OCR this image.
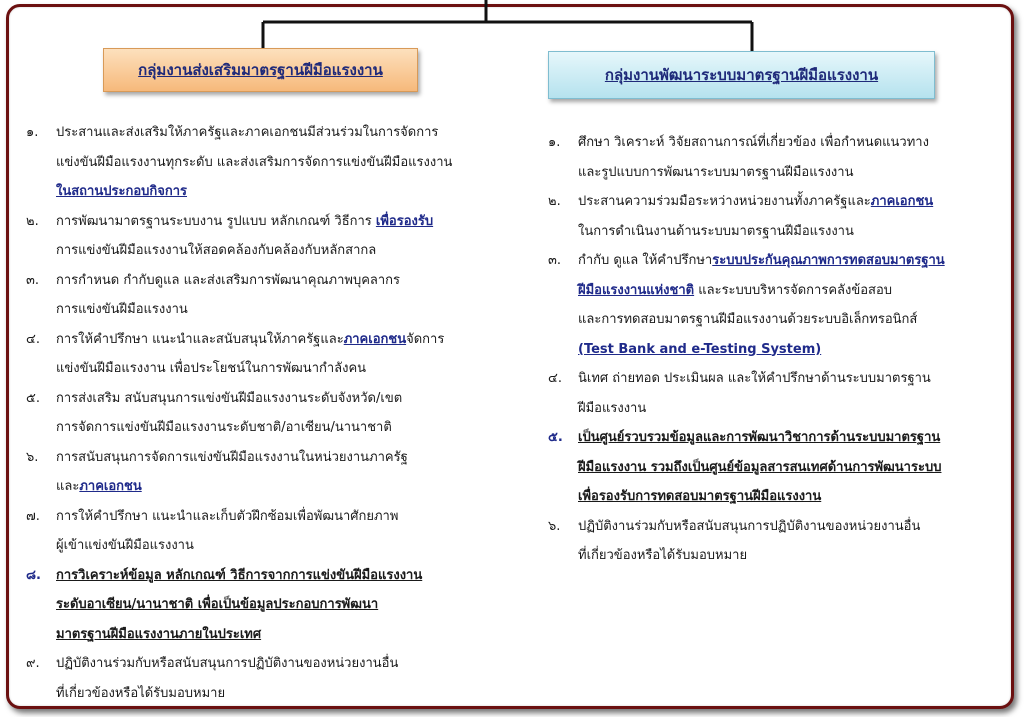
กลุ่มงานส่งเสริมมาตรฐานฝีมือแรงงาน	กลุ่มงานพัฒนาระบบมาตรฐานฝีมือแรงงาน
๑. ประสานและส่งเสริมให้ภาครัฐและภาคเอกชนมีส่วนร่วมในการจัดการ
แข่งขันฝีมือแรงงานทุกระดับ และส่งเสริมการจัดการแข่งขันฝีมือแรงงาน
ในสถานประกอบกิจการ
๒. การพัฒนามาตรฐานระบบงาน รูปแบบ หลักเกณฑ์ วิธีการ เพื่อรองรับ
การแข่งขันฝีมือแรงงานให้สอดคล้องกับคล้องกับหลักสากล
๓. การกำหนด กำกับดูแล และส่งเสริมการพัฒนาคุณภาพบุคลากร
การแข่งขันฝีมือแรงงาน
๔. การให้คำปรึกษา แนะนำและสนับสนุนให้ภาครัฐและภาคเอกชนจัดการ
แข่งขันฝีมือแรงงาน เพื่อประโยชน์ในการพัฒนากำลังคน
๕. การส่งเสริม สนับสนุนการแข่งขันฝีมือแรงงานระดับจังหวัด/เขต
การจัดการแข่งขันฝีมือแรงงานระดับชาติ/อาเซียน/นานาชาติ
๖. การสนับสนุนการจัดการแข่งขันฝีมือแรงงานในหน่วยงานภาครัฐ
และภาคเอกชน
๗. การให้คำปรึกษา แนะนำและเก็บตัวฝึกซ้อมเพื่อพัฒนาศักยภาพ
ผู้เข้าแข่งขันฝีมือแรงงาน
๘. การวิเคราะห์ข้อมูล หลักเกณฑ์ วิธีการจากการแข่งขันฝีมือแรงงาน
ระดับอาเซียน/นานาชาติ เพื่อเป็นข้อมูลประกอบการพัฒนา
มาตรฐานฝีมือแรงงานภายในประเทศ
๙. ปฏิบัติงานร่วมกับหรือสนับสนุนการปฏิบัติงานของหน่วยงานอื่น
ที่เกี่ยวข้องหรือได้รับมอบหมาย
๑. ศึกษา วิเคราะห์ วิจัยสถานการณ์ที่เกี่ยวข้อง เพื่อกำหนดแนวทาง
และรูปแบบการพัฒนาระบบมาตรฐานฝีมือแรงงาน
๒. ประสานความร่วมมือระหว่างหน่วยงานทั้งภาครัฐและภาคเอกชน
ในการดำเนินงานด้านระบบมาตรฐานฝีมือแรงงาน
๓. กำกับ ดูแล ให้คำปรึกษาระบบประกันคุณภาพการทดสอบมาตรฐาน
ฝีมือแรงงานแห่งชาติ และระบบบริหารจัดการคลังข้อสอบ
และการทดสอบมาตรฐานฝีมือแรงงานด้วยระบบอิเล็กทรอนิกส์
(Test Bank and e-Testing System)
๔. นิเทศ ถ่ายทอด ประเมินผล และให้คำปรึกษาด้านระบบมาตรฐาน
ฝีมือแรงงาน
๕. เป็นศูนย์รวบรวมข้อมูลและการพัฒนาวิชาการด้านระบบมาตรฐาน
ฝีมือแรงงาน รวมถึงเป็นศูนย์ข้อมูลสารสนเทศด้านการพัฒนาระบบ
เพื่อรองรับการทดสอบมาตรฐานฝีมือแรงงาน
๖. ปฏิบัติงานร่วมกับหรือสนับสนุนการปฏิบัติงานของหน่วยงานอื่น
ที่เกี่ยวข้องหรือได้รับมอบหมาย
